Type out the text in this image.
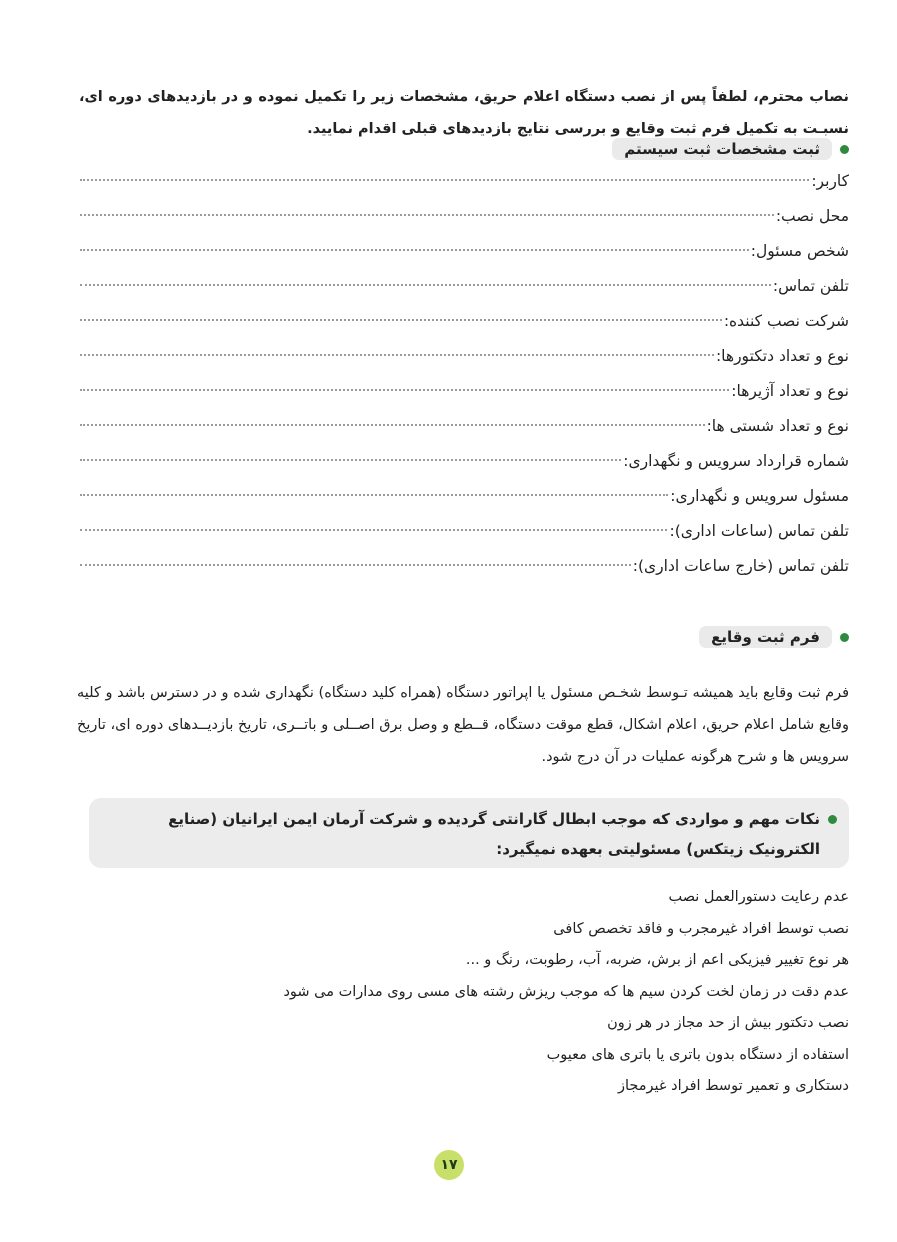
نصاب محترم، لطفاً پس از نصب دستگاه اعلام حریق، مشخصات زیر را تکمیل نموده و در بازدیدهای دوره ای، نسبـت به تکمیل فرم ثبت وقایع و بررسی نتایج بازدیدهای قبلی اقدام نمایید.

ثبت مشخصات ثبت سیستم
کاربر:
محل نصب:
شخص مسئول:
تلفن تماس:
شرکت نصب کننده:
نوع و تعداد دتکتورها:
نوع و تعداد آژیرها:
نوع و تعداد شستی ها:
شماره قرارداد سرویس و نگهداری:
مسئول سرویس و نگهداری:
تلفن تماس (ساعات اداری):
تلفن تماس (خارج ساعات اداری):
فرم ثبت وقایع

فرم ثبت وقایع باید همیشه تـوسط شخـص مسئول یا اپراتور دستگاه (همراه کلید دستگاه) نگهداری شده و در دسترس باشد و کلیه وقایع شامل اعلام حریق، اعلام اشکال، قطع موقت دستگاه، قــطع و وصل برق اصــلی و باتــری، تاریخ بازدیــدهای دوره ای، تاریخ سرویس ها و شرح هرگونه عملیات در آن درج شود.

نکات مهم و مواردی که موجب ابطال گارانتی گردیده و شرکت آرمان ایمن ایرانیان (صنایع الکترونیک زیتکس) مسئولیتی بعهده نمیگیرد:
عدم رعایت دستورالعمل نصب
نصب توسط افراد غیرمجرب و فاقد تخصص کافی
هر نوع تغییر فیزیکی اعم از برش، ضربه، آب، رطوبت، رنگ و ...
عدم دقت در زمان لخت کردن سیم ها که موجب ریزش رشته های مسی روی مدارات می شود
نصب دتکتور بیش از حد مجاز در هر زون
استفاده از دستگاه بدون باتری یا باتری های معیوب
دستکاری و تعمیر توسط افراد غیرمجاز
۱۷
